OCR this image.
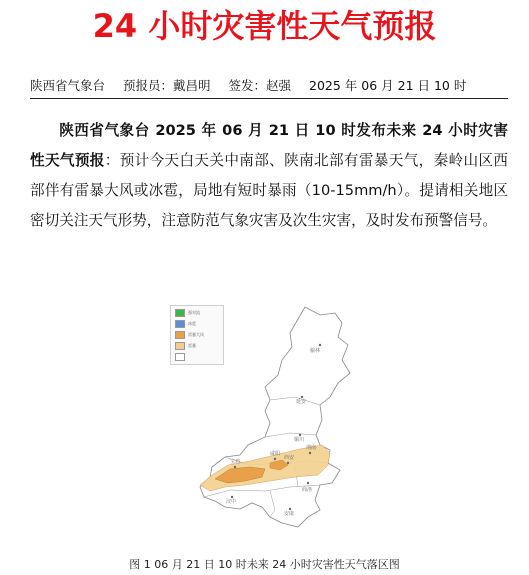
24 小时灾害性天气预报
陕西省气象台 预报员：戴昌明 签发：赵强 2025 年 06 月 21 日 10 时

陕西省气象台 2025 年 06 月 21 日 10 时发布未来 24 小时灾害性天气预报：预计今天白天关中南部、陕南北部有雷暴天气，秦岭山区西部伴有雷暴大风或冰雹，局地有短时暴雨（10-15mm/h）。提请相关地区密切关注天气形势，注意防范气象灾害及次生灾害，及时发布预警信号。

强对流
冰雹
雷暴大风
雷暴
榆林
延安
铜川
宝鸡
咸阳
西安
渭南
汉中
安康
商洛
图 1 06 月 21 日 10 时未来 24 小时灾害性天气落区图
